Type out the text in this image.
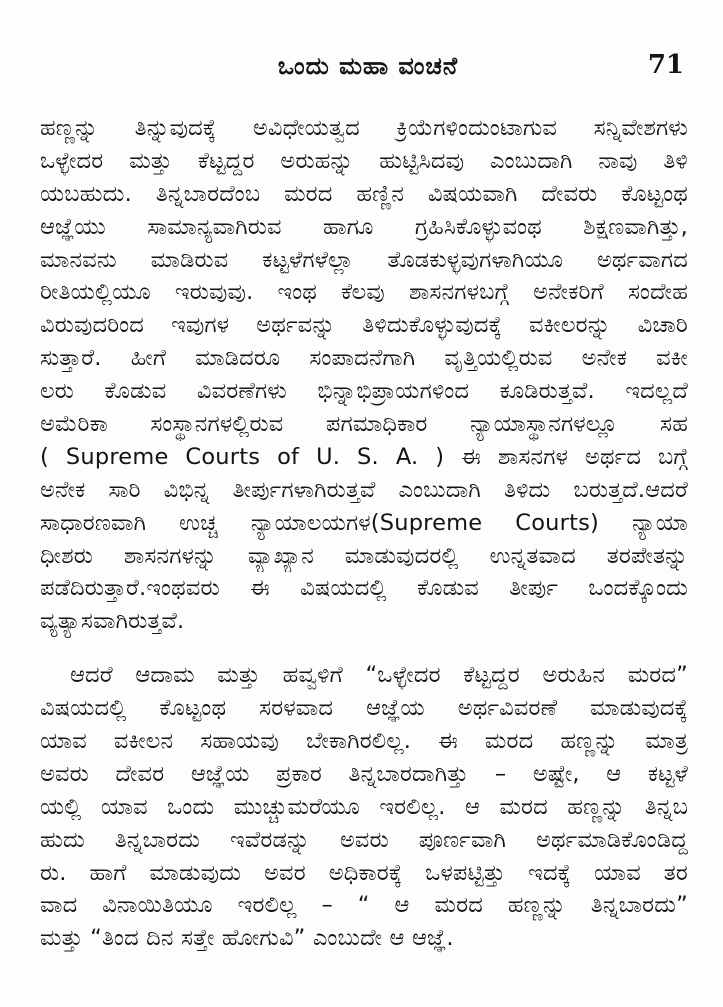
ಒಂದು ಮಹಾ ವಂಚನೆ	71
ಹಣ್ಣನ್ನು ತಿನ್ನುವುದಕ್ಕೆ ಅವಿಧೇಯತ್ವದ ಕ್ರಿಯೆಗಳಿಂದುಂಟಾಗುವ ಸನ್ನಿವೇಶಗಳು
ಒಳ್ಳೇದರ ಮತ್ತು ಕೆಟ್ಟದ್ದರ ಅರುಹನ್ನು ಹುಟ್ಟಿಸಿದವು ಎಂಬುದಾಗಿ ನಾವು ತಿಳಿ
ಯಬಹುದು. ತಿನ್ನಬಾರದೆಂಬ ಮರದ ಹಣ್ಣಿನ ವಿಷಯವಾಗಿ ದೇವರು ಕೊಟ್ಟಂಥ
ಆಜ್ಞೆಯು ಸಾಮಾನ್ಯವಾಗಿರುವ ಹಾಗೂ ಗ್ರಹಿಸಿಕೊಳ್ಳುವಂಥ ಶಿಕ್ಷಣವಾಗಿತ್ತು,
ಮಾನವನು ಮಾಡಿರುವ ಕಟ್ಟಳೆಗಳೆಲ್ಲಾ ತೊಡಕುಳ್ಳವುಗಳಾಗಿಯೂ ಅರ್ಥವಾಗದ
ರೀತಿಯಲ್ಲಿಯೂ ಇರುವುವು. ಇಂಥ ಕೆಲವು ಶಾಸನಗಳಬಗ್ಗೆ ಅನೇಕರಿಗೆ ಸಂದೇಹ
ವಿರುವುದರಿಂದ ಇವುಗಳ ಅರ್ಥವನ್ನು ತಿಳಿದುಕೊಳ್ಳುವುದಕ್ಕೆ ವಕೀಲರನ್ನು ವಿಚಾರಿ
ಸುತ್ತಾರೆ. ಹೀಗೆ ಮಾಡಿದರೂ ಸಂಪಾದನೆಗಾಗಿ ವೃತ್ತಿಯಲ್ಲಿರುವ ಅನೇಕ ವಕೀ
ಲರು ಕೊಡುವ ವಿವರಣೆಗಳು ಭಿನ್ನಾಭಿಪ್ರಾಯಗಳಿಂದ ಕೂಡಿರುತ್ತವೆ. ಇದಲ್ಲದೆ
ಅಮೆರಿಕಾ ಸಂಸ್ಥಾನಗಳಲ್ಲಿರುವ ಪಗಮಾಧಿಕಾರ ನ್ಯಾಯಾಸ್ಥಾನಗಳಲ್ಲೂ ಸಹ
( Supreme Courts of U. S. A. ) ಈ ಶಾಸನಗಳ ಅರ್ಥದ ಬಗ್ಗೆ
ಅನೇಕ ಸಾರಿ ವಿಭಿನ್ನ ತೀರ್ಪುಗಳಾಗಿರುತ್ತವೆ ಎಂಬುದಾಗಿ ತಿಳಿದು ಬರುತ್ತದೆ.ಆದರೆ
ಸಾಧಾರಣವಾಗಿ ಉಚ್ಚ ನ್ಯಾಯಾಲಯಗಳ(Supreme Courts) ನ್ಯಾಯಾ
ಧೀಶರು ಶಾಸನಗಳನ್ನು ವ್ಯಾಖ್ಯಾನ ಮಾಡುವುದರಲ್ಲಿ ಉನ್ನತವಾದ ತರಪೇತನ್ನು
ಪಡೆದಿರುತ್ತಾರೆ.ಇಂಥವರು ಈ ವಿಷಯದಲ್ಲಿ ಕೊಡುವ ತೀರ್ಪು ಒಂದಕ್ಕೊಂದು
ವ್ಯತ್ಯಾಸವಾಗಿರುತ್ತವೆ.
ಆದರೆ ಆದಾಮ ಮತ್ತು ಹವ್ವಳಿಗೆ “ಒಳ್ಳೇದರ ಕೆಟ್ಟದ್ದರ ಅರುಹಿನ ಮರದ”
ವಿಷಯದಲ್ಲಿ ಕೊಟ್ಟಂಥ ಸರಳವಾದ ಆಜ್ಞೆಯ ಅರ್ಥವಿವರಣೆ ಮಾಡುವುದಕ್ಕೆ
ಯಾವ ವಕೀಲನ ಸಹಾಯವು ಬೇಕಾಗಿರಲಿಲ್ಲ. ಈ ಮರದ ಹಣ್ಣನ್ನು ಮಾತ್ರ
ಅವರು ದೇವರ ಆಜ್ಞೆಯ ಪ್ರಕಾರ ತಿನ್ನಬಾರದಾಗಿತ್ತು – ಅಷ್ಟೇ, ಆ ಕಟ್ಟಳೆ
ಯಲ್ಲಿ ಯಾವ ಒಂದು ಮುಚ್ಚುಮರೆಯೂ ಇರಲಿಲ್ಲ. ಆ ಮರದ ಹಣ್ಣನ್ನು ತಿನ್ನಬ
ಹುದು ತಿನ್ನಬಾರದು ಇವೆರಡನ್ನು ಅವರು ಪೂರ್ಣವಾಗಿ ಅರ್ಥಮಾಡಿಕೊಂಡಿದ್ದ
ರು. ಹಾಗೆ ಮಾಡುವುದು ಅವರ ಅಧಿಕಾರಕ್ಕೆ ಒಳಪಟ್ಟಿತ್ತು ಇದಕ್ಕೆ ಯಾವ ತರ
ವಾದ ವಿನಾಯಿತಿಯೂ ಇರಲಿಲ್ಲ – “ ಆ ಮರದ ಹಣ್ಣನ್ನು ತಿನ್ನಬಾರದು”
ಮತ್ತು “ತಿಂದ ದಿನ ಸತ್ತೇ ಹೋಗುವಿ” ಎಂಬುದೇ ಆ ಆಜ್ಞೆ.
